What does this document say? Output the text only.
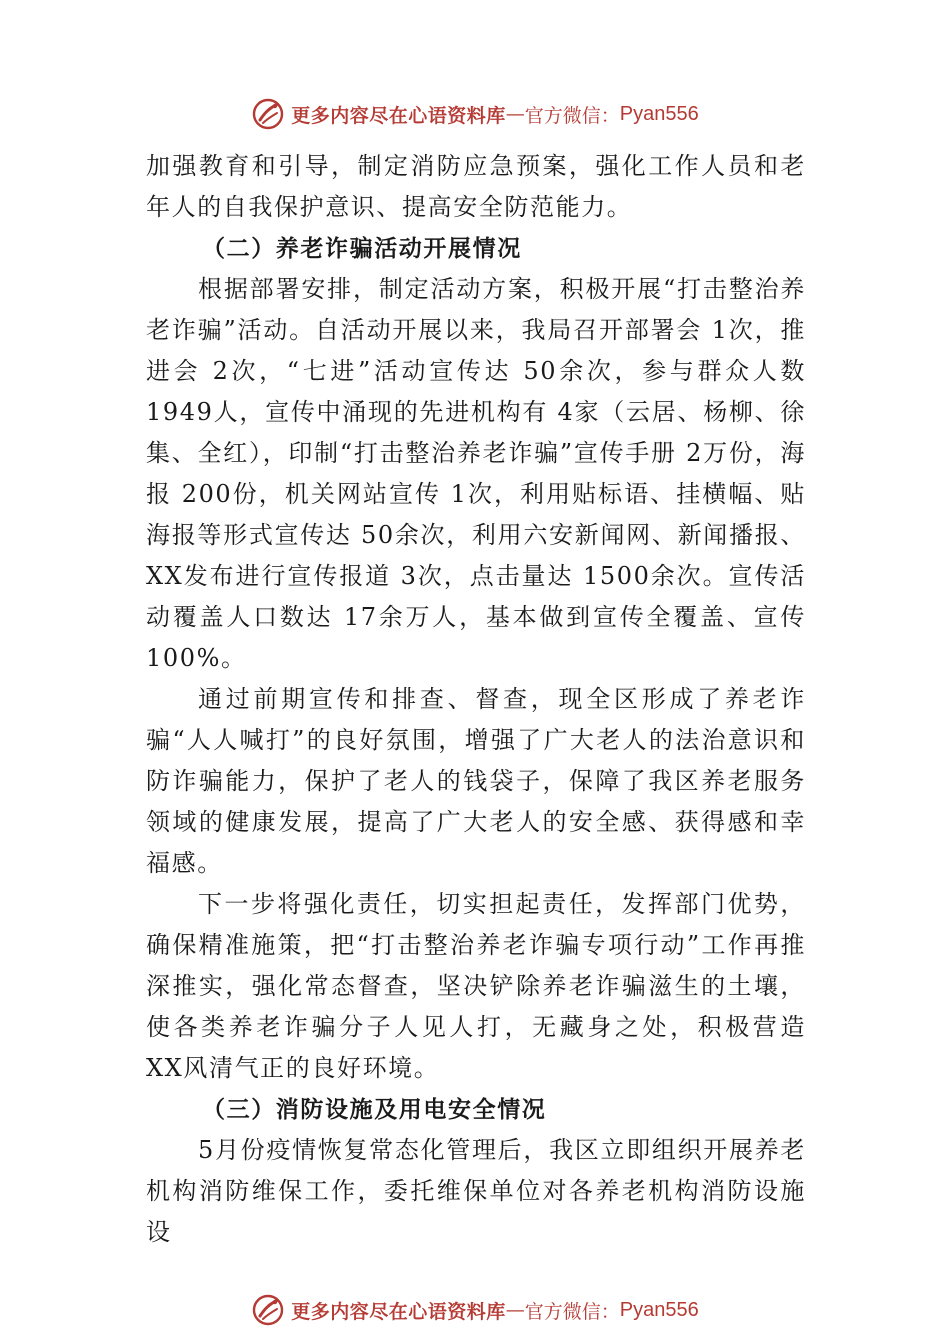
更多内容尽在心语资料库 — 官方微信： Pyan556

加强教育和引导，制定消防应急预案，强化工作人员和老年人的自我保护意识、提高安全防范能力。

（二）养老诈骗活动开展情况

根据部署安排，制定活动方案，积极开展“打击整治养老诈骗”活动。自活动开展以来，我局召开部署会 1次，推进会 2次，“七进”活动宣传达 50余次，参与群众人数 1949人，宣传中涌现的先进机构有 4家（云居、杨柳、徐集、全红），印制“打击整治养老诈骗”宣传手册 2万份，海报 200份，机关网站宣传 1次，利用贴标语、挂横幅、贴海报等形式宣传达 50余次，利用六安新闻网、新闻播报、XX发布进行宣传报道 3次，点击量达 1500余次。宣传活动覆盖人口数达 17余万人，基本做到宣传全覆盖、宣传 100%。

通过前期宣传和排查、督查，现全区形成了养老诈骗“人人喊打”的良好氛围，增强了广大老人的法治意识和防诈骗能力，保护了老人的钱袋子，保障了我区养老服务领域的健康发展，提高了广大老人的安全感、获得感和幸福感。

下一步将强化责任，切实担起责任，发挥部门优势，确保精准施策，把“打击整治养老诈骗专项行动”工作再推深推实，强化常态督查，坚决铲除养老诈骗滋生的土壤，使各类养老诈骗分子人见人打，无藏身之处，积极营造 XX风清气正的良好环境。

（三）消防设施及用电安全情况

5月份疫情恢复常态化管理后，我区立即组织开展养老机构消防维保工作，委托维保单位对各养老机构消防设施设

更多内容尽在心语资料库 — 官方微信： Pyan556
